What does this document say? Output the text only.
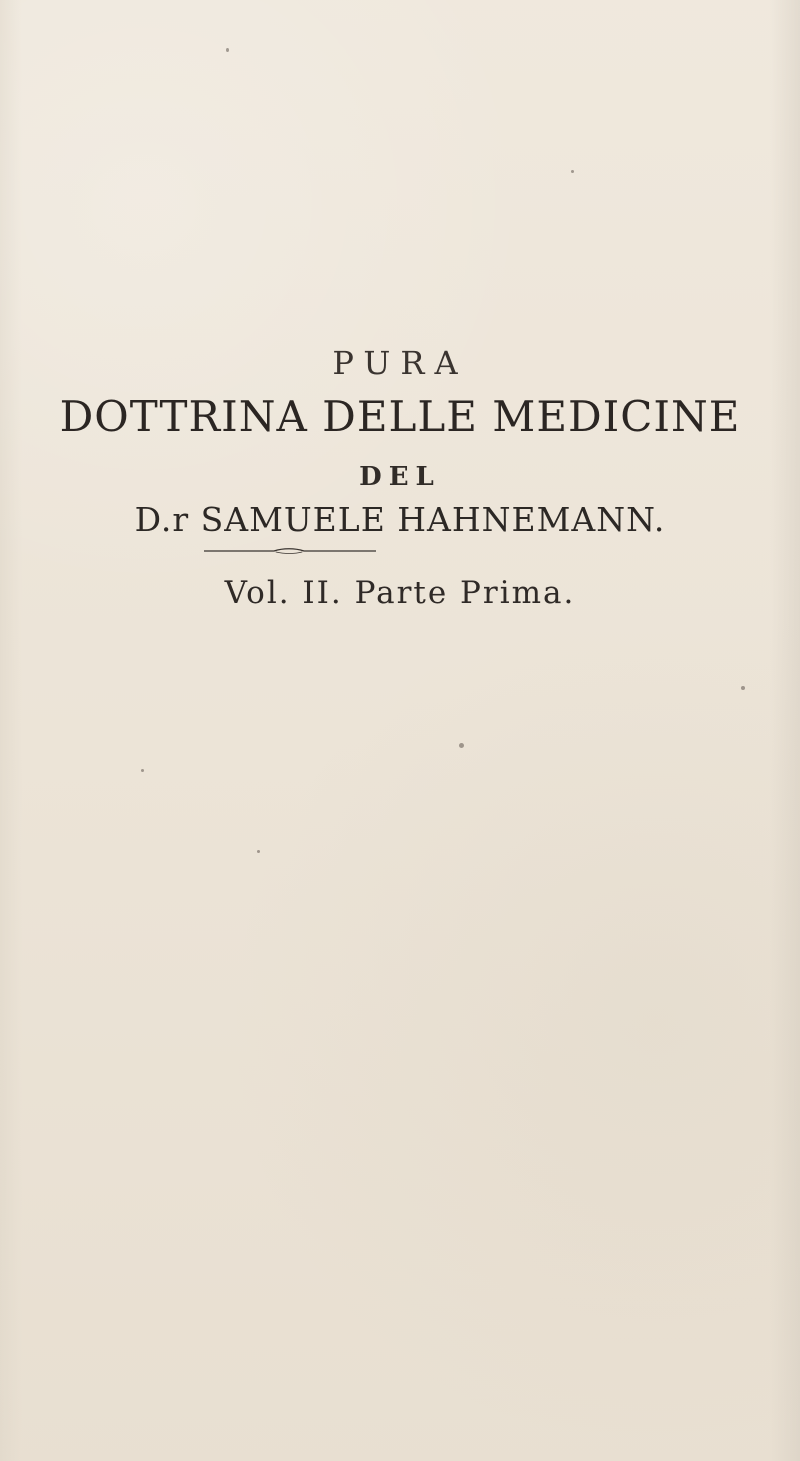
PURA
DOTTRINA DELLE MEDICINE
DEL
D.r SAMUELE HAHNEMANN.
Vol. II. Parte Prima.
